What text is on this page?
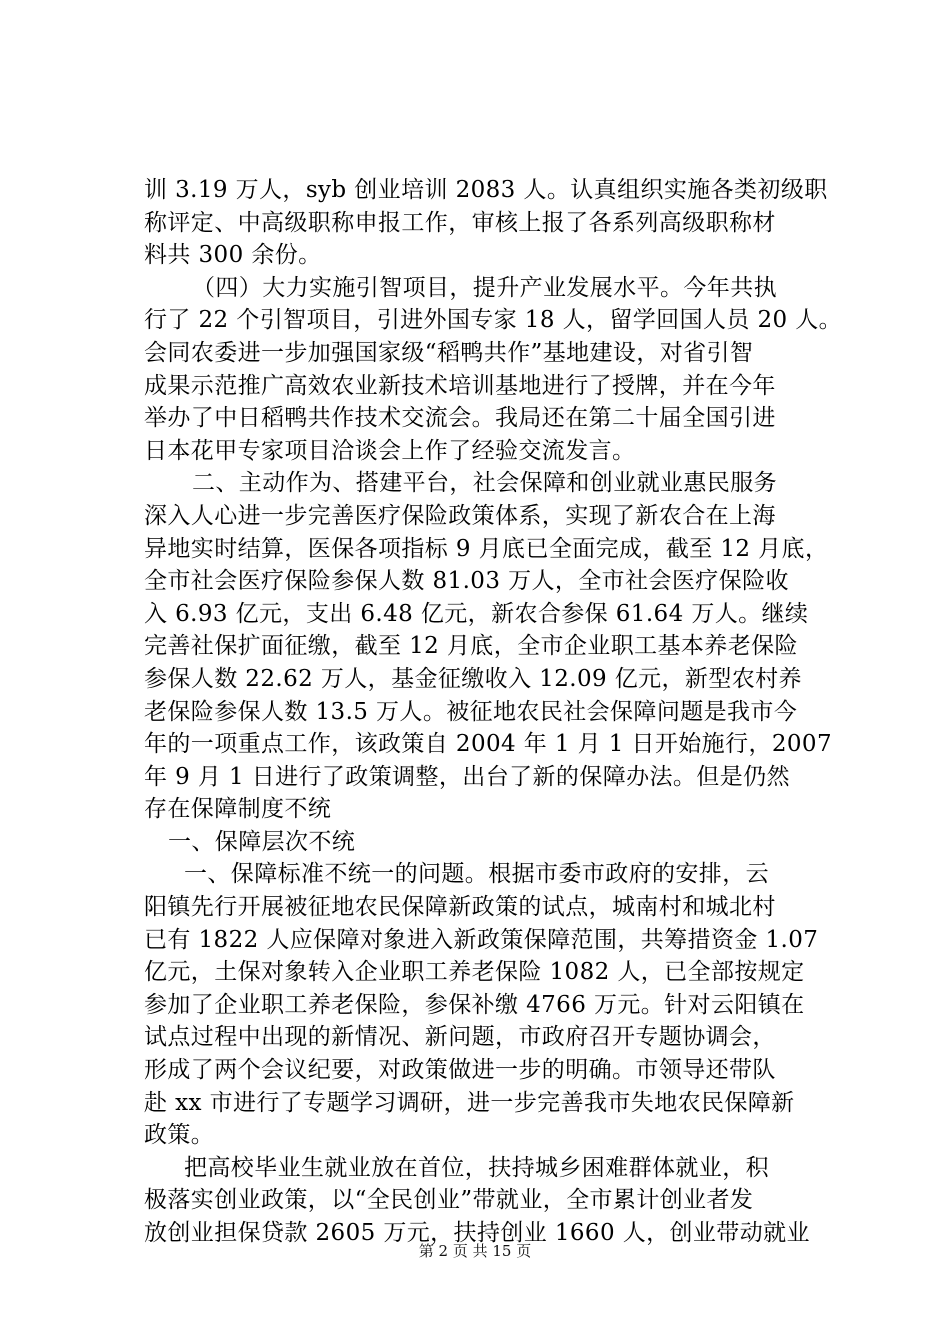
训 3.19 万人，syb 创业培训 2083 人。认真组织实施各类初级职
称评定、中高级职称申报工作，审核上报了各系列高级职称材
料共 300 余份。
（四）大力实施引智项目，提升产业发展水平。今年共执
行了 22 个引智项目，引进外国专家 18 人，留学回国人员 20 人。
会同农委进一步加强国家级“稻鸭共作”基地建设，对省引智
成果示范推广高效农业新技术培训基地进行了授牌，并在今年
举办了中日稻鸭共作技术交流会。我局还在第二十届全国引进
日本花甲专家项目洽谈会上作了经验交流发言。
二、主动作为、搭建平台，社会保障和创业就业惠民服务
深入人心进一步完善医疗保险政策体系，实现了新农合在上海
异地实时结算，医保各项指标 9 月底已全面完成，截至 12 月底，
全市社会医疗保险参保人数 81.03 万人，全市社会医疗保险收
入 6.93 亿元，支出 6.48 亿元，新农合参保 61.64 万人。继续
完善社保扩面征缴，截至 12 月底，全市企业职工基本养老保险
参保人数 22.62 万人，基金征缴收入 12.09 亿元，新型农村养
老保险参保人数 13.5 万人。被征地农民社会保障问题是我市今
年的一项重点工作，该政策自 2004 年 1 月 1 日开始施行，2007
年 9 月 1 日进行了政策调整，出台了新的保障办法。但是仍然
存在保障制度不统
一、保障层次不统
一、保障标准不统一的问题。根据市委市政府的安排，云
阳镇先行开展被征地农民保障新政策的试点，城南村和城北村
已有 1822 人应保障对象进入新政策保障范围，共筹措资金 1.07
亿元，土保对象转入企业职工养老保险 1082 人，已全部按规定
参加了企业职工养老保险，参保补缴 4766 万元。针对云阳镇在
试点过程中出现的新情况、新问题，市政府召开专题协调会，
形成了两个会议纪要，对政策做进一步的明确。市领导还带队
赴 xx 市进行了专题学习调研，进一步完善我市失地农民保障新
政策。
把高校毕业生就业放在首位，扶持城乡困难群体就业，积
极落实创业政策，以“全民创业”带就业，全市累计创业者发
放创业担保贷款 2605 万元，扶持创业 1660 人，创业带动就业
第 2 页 共 15 页
